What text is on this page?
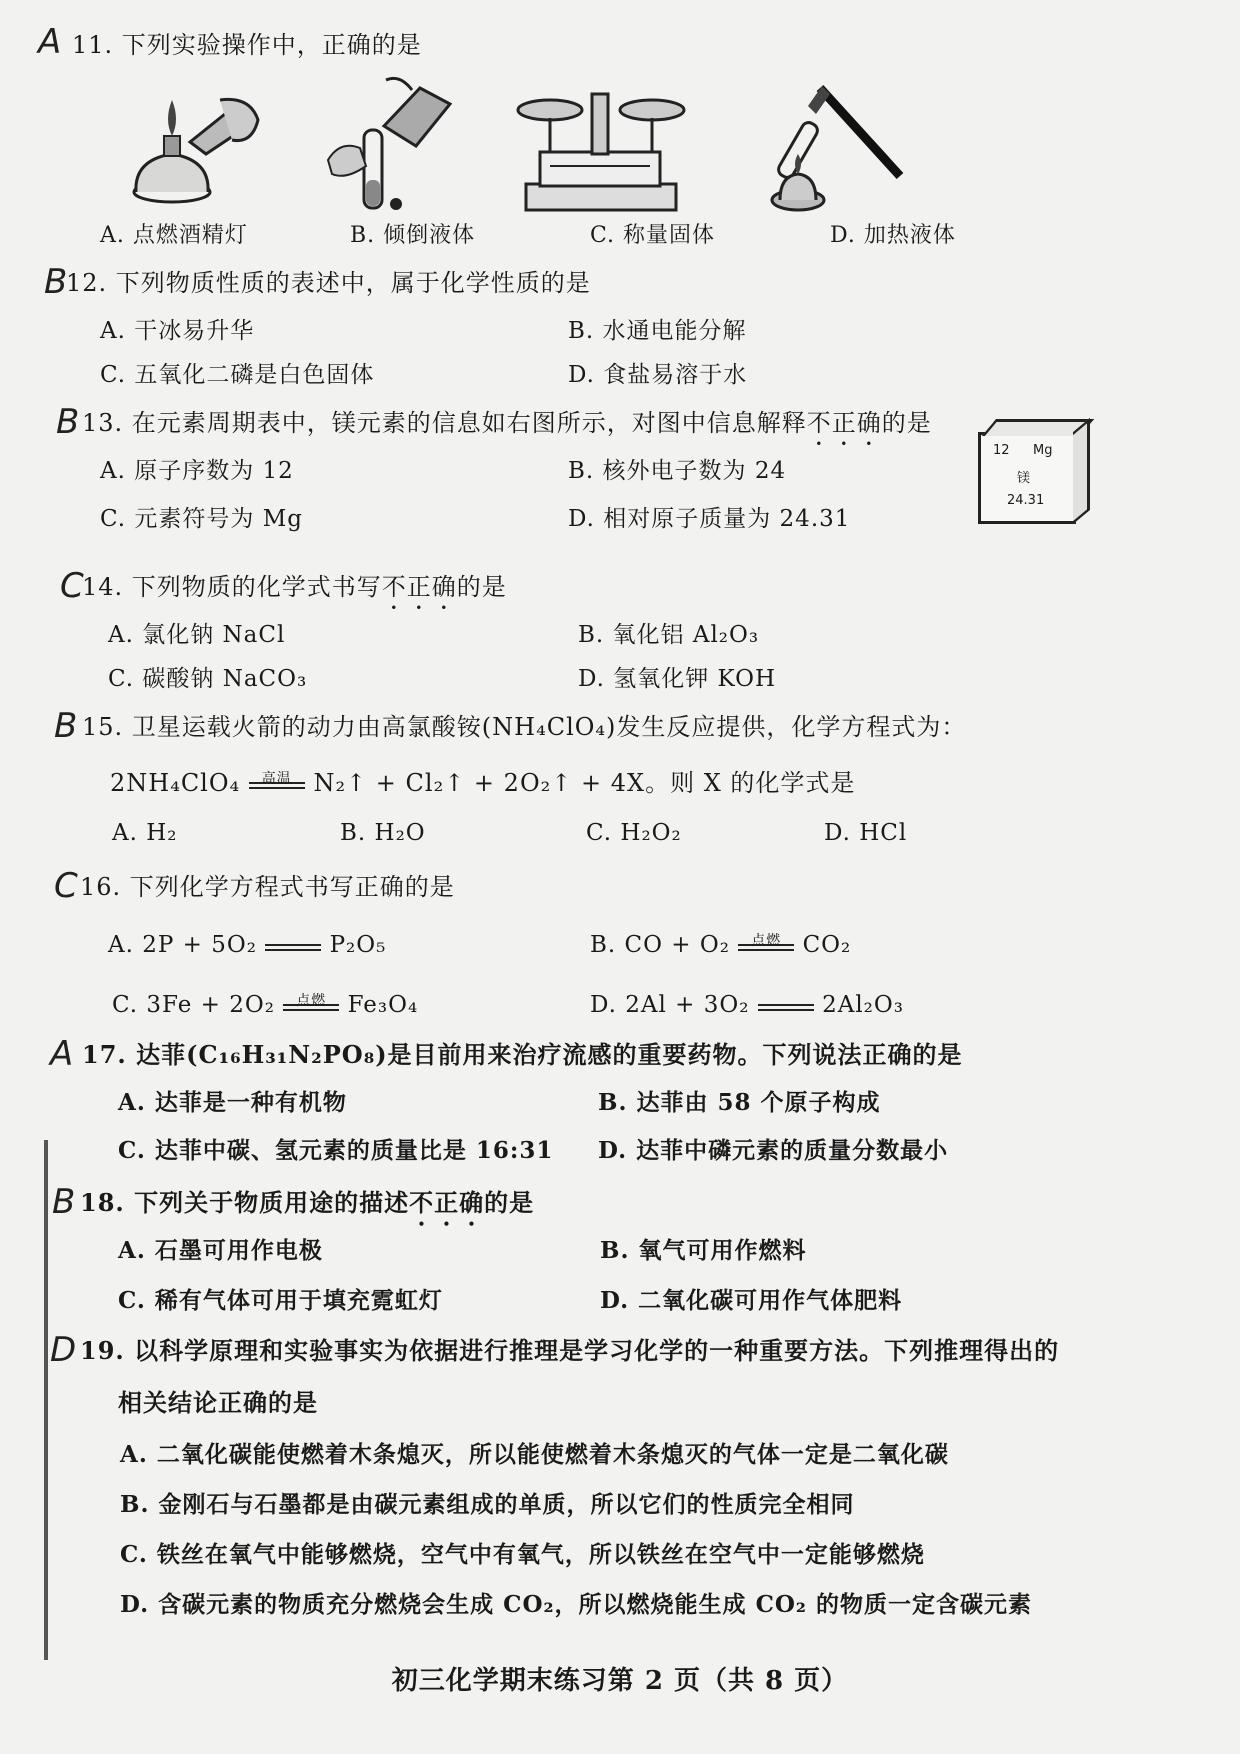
A 11. 下列实验操作中，正确的是
A. 点燃酒精灯	B. 倾倒液体	C. 称量固体	D. 加热液体
B
12. 下列物质性质的表述中，属于化学性质的是
A. 干冰易升华	B. 水通电能分解
C. 五氧化二磷是白色固体	D. 食盐易溶于水
B 13. 在元素周期表中，镁元素的信息如右图所示，对图中信息解释不正确的是
A. 原子序数为 12	B. 核外电子数为 24
C. 元素符号为 Mg	D. 相对原子质量为 24.31
12 Mg
镁
24.31
C
14. 下列物质的化学式书写不正确的是
A. 氯化钠 NaCl	B. 氧化铝 Al₂O₃
C. 碳酸钠 NaCO₃	D. 氢氧化钾 KOH
B 15. 卫星运载火箭的动力由高氯酸铵(NH₄ClO₄)发生反应提供，化学方程式为：
2NH₄ClO₄	高温 N₂↑ + Cl₂↑ + 2O₂↑ + 4X。则 X 的化学式是
A. H₂	B. H₂O	C. H₂O₂	D. HCl
C 16. 下列化学方程式书写正确的是
A. 2P + 5O₂	P₂O₅	B. CO + O₂	点燃 CO₂
C. 3Fe + 2O₂	点燃 Fe₃O₄	D. 2Al + 3O₂	2Al₂O₃
A 17. 达菲(C₁₆H₃₁N₂PO₈)是目前用来治疗流感的重要药物。下列说法正确的是
A. 达菲是一种有机物	B. 达菲由 58 个原子构成
C. 达菲中碳、氢元素的质量比是 16:31 D. 达菲中磷元素的质量分数最小
B 18. 下列关于物质用途的描述不正确的是
A. 石墨可用作电极	B. 氧气可用作燃料
C. 稀有气体可用于填充霓虹灯	D. 二氧化碳可用作气体肥料
D 19. 以科学原理和实验事实为依据进行推理是学习化学的一种重要方法。下列推理得出的
相关结论正确的是
A. 二氧化碳能使燃着木条熄灭，所以能使燃着木条熄灭的气体一定是二氧化碳
B. 金刚石与石墨都是由碳元素组成的单质，所以它们的性质完全相同
C. 铁丝在氧气中能够燃烧，空气中有氧气，所以铁丝在空气中一定能够燃烧
D. 含碳元素的物质充分燃烧会生成 CO₂，所以燃烧能生成 CO₂ 的物质一定含碳元素
初三化学期末练习第 2 页（共 8 页）
